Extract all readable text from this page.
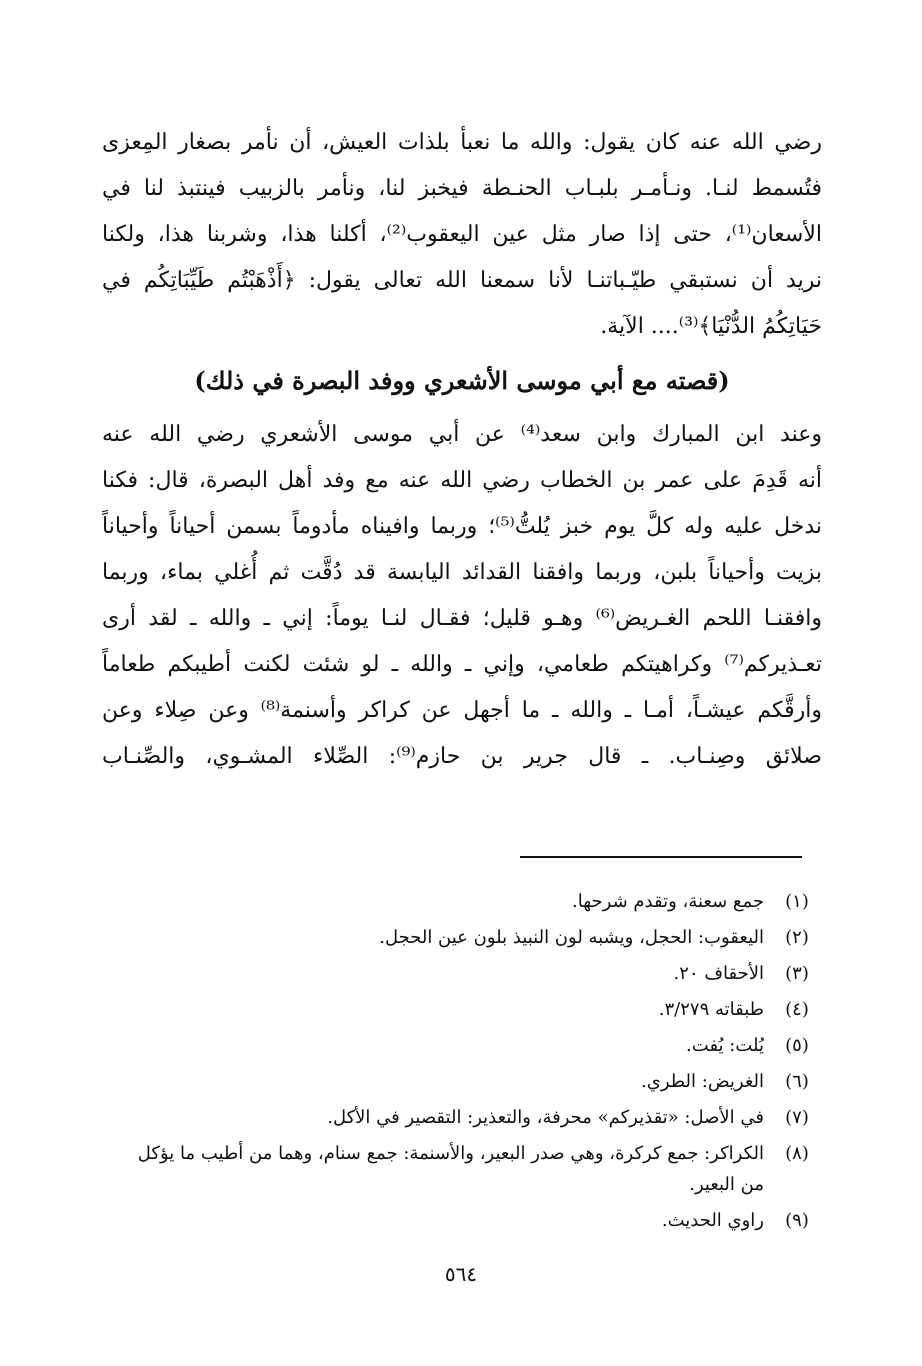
رضي الله عنه كان يقول: والله ما نعبأ بلذات العيش، أن نأمر بصغار المِعزى
فتُسمط لنـا. ونـأمـر بلبـاب الحنـطة فيخبز لنا، ونأمر بالزبيب فينتبذ لنا في
الأسعان⁽¹⁾، حتى إذا صار مثل عين اليعقوب⁽²⁾، أكلنا هذا، وشربنا هذا، ولكنا
نريد أن نستبقي طيّـباتنـا لأنا سمعنا الله تعالى يقول: ﴿أَذْهَبْتُم طَيِّبَاتِكُم في
حَيَاتِكُمُ الدُّنْيَا﴾⁽³⁾.... الآية.
(قصته مع أبي موسى الأشعري ووفد البصرة في ذلك)
وعند ابن المبارك وابن سعد⁽⁴⁾ عن أبي موسى الأشعري رضي الله عنه
أنه قَدِمَ على عمر بن الخطاب رضي الله عنه مع وفد أهل البصرة، قال: فكنا
ندخل عليه وله كلَّ يوم خبز يُلتُّ⁽⁵⁾؛ وربما وافيناه مأدوماً بسمن أحياناً وأحياناً
بزيت وأحياناً بلبن، وربما وافقنا القدائد اليابسة قد دُقَّت ثم أُغلي بماء، وربما
وافقنـا اللحم الغـريض⁽⁶⁾ وهـو قليل؛ فقـال لنـا يوماً: إني ـ والله ـ لقد أرى
تعـذيركم⁽⁷⁾ وكراهيتكم طعامي، وإني ـ والله ـ لو شئت لكنت أطيبكم طعاماً
وأرقَّكم عيشـاً، أمـا ـ والله ـ ما أجهل عن كراكر وأسنمة⁽⁸⁾ وعن صِلاء وعن
صلائق وصِنـاب. ـ قال جرير بن حازم⁽⁹⁾: الصِّلاء المشـوي، والصِّنـاب
(١)
جمع سعنة، وتقدم شرحها.
(٢)
اليعقوب: الحجل، ويشبه لون النبيذ بلون عين الحجل.
(٣)
الأحقاف ٢٠.
(٤)
طبقاته ٣/٢٧٩.
(٥)
يُلت: يُفت.
(٦)
الغريض: الطري.
(٧)
في الأصل: «تقذيركم» محرفة، والتعذير: التقصير في الأكل.
(٨)
الكراكر: جمع كركرة، وهي صدر البعير، والأسنمة: جمع سنام، وهما من أطيب ما يؤكل من البعير.
(٩)
راوي الحديث.
٥٦٤
